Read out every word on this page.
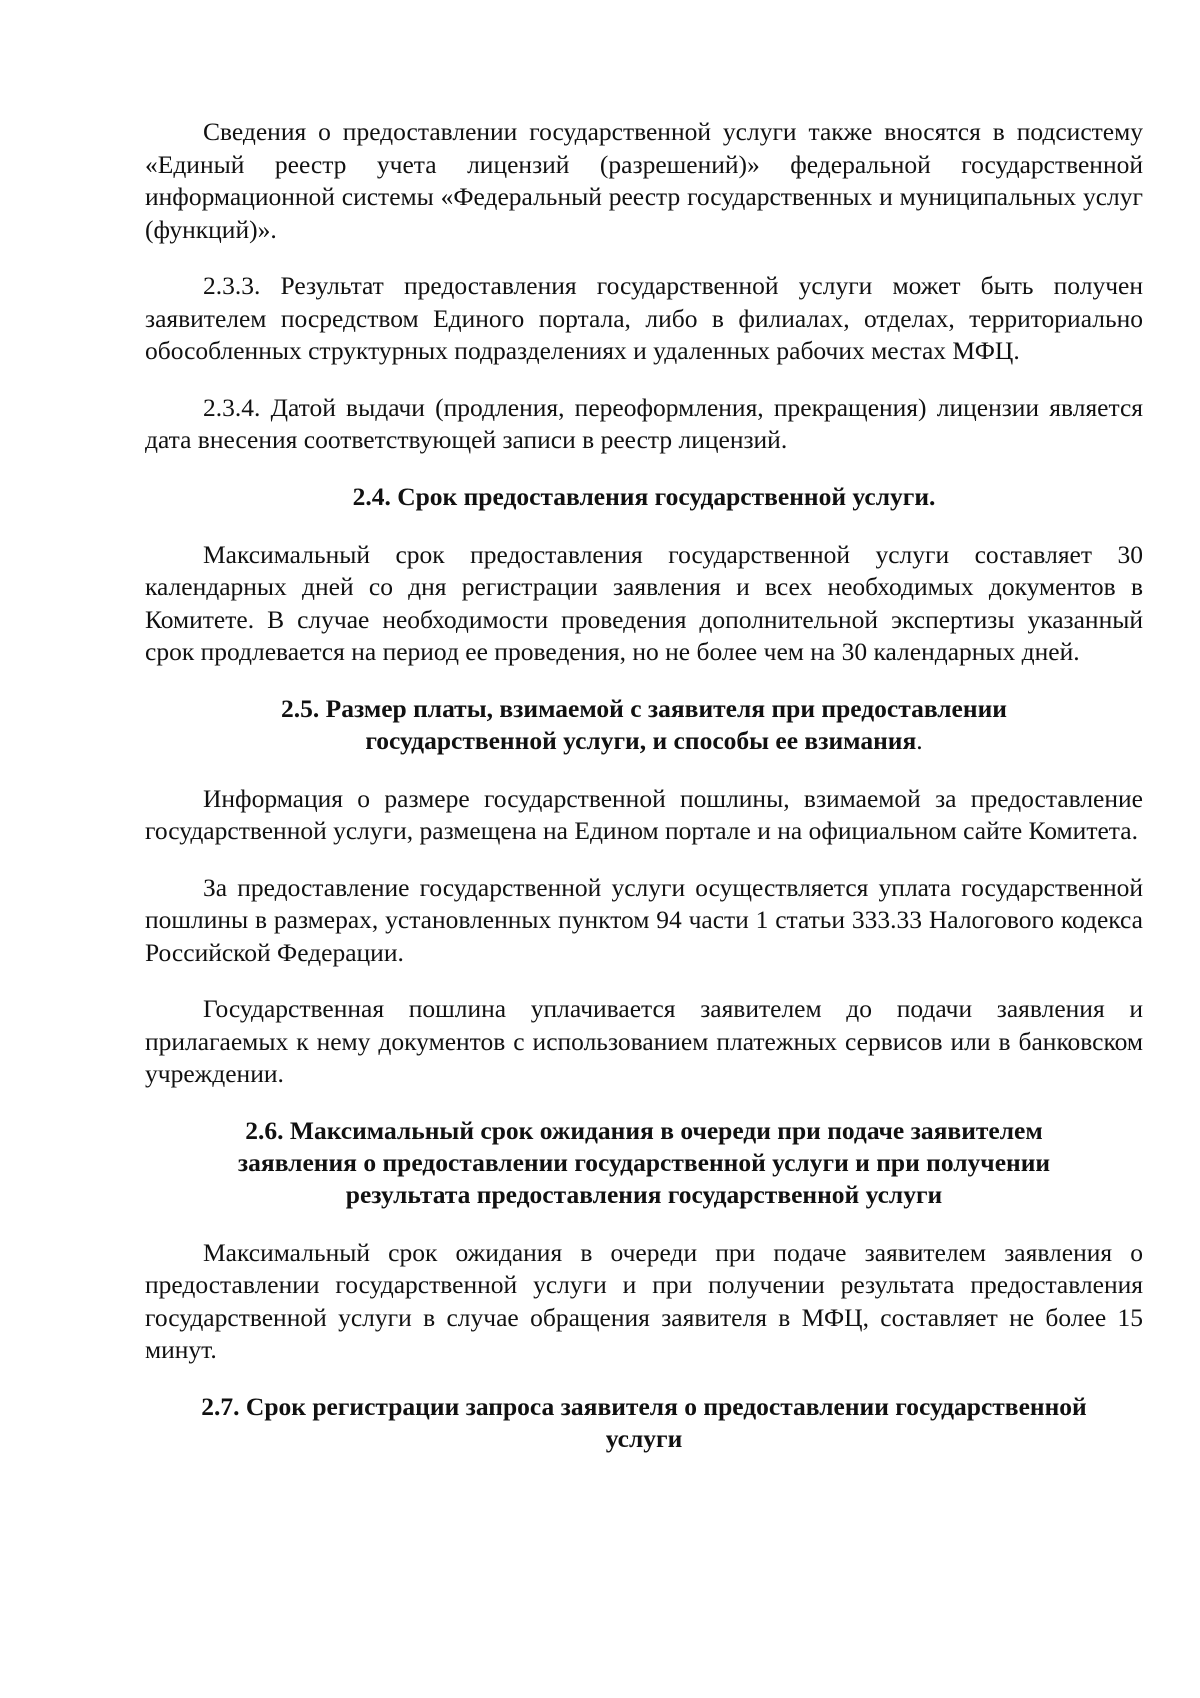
Сведения о предоставлении государственной услуги также вносятся в подсистему «Единый реестр учета лицензий (разрешений)» федеральной государственной информационной системы «Федеральный реестр государственных и муниципальных услуг (функций)».

2.3.3. Результат предоставления государственной услуги может быть получен заявителем посредством Единого портала, либо в филиалах, отделах, территориально обособленных структурных подразделениях и удаленных рабочих местах МФЦ.

2.3.4. Датой выдачи (продления, переоформления, прекращения) лицензии является дата внесения соответствующей записи в реестр лицензий.

2.4. Срок предоставления государственной услуги.

Максимальный срок предоставления государственной услуги составляет 30 календарных дней со дня регистрации заявления и всех необходимых документов в Комитете. В случае необходимости проведения дополнительной экспертизы указанный срок продлевается на период ее проведения, но не более чем на 30 календарных дней.

2.5. Размер платы, взимаемой с заявителя при предоставлении
государственной услуги, и способы ее взимания.

Информация о размере государственной пошлины, взимаемой за предоставление государственной услуги, размещена на Едином портале и на официальном сайте Комитета.

За предоставление государственной услуги осуществляется уплата государственной пошлины в размерах, установленных пунктом 94 части 1 статьи 333.33 Налогового кодекса Российской Федерации.

Государственная пошлина уплачивается заявителем до подачи заявления и прилагаемых к нему документов с использованием платежных сервисов или в банковском учреждении.

2.6. Максимальный срок ожидания в очереди при подаче заявителем
заявления о предоставлении государственной услуги и при получении
результата предоставления государственной услуги

Максимальный срок ожидания в очереди при подаче заявителем заявления о предоставлении государственной услуги и при получении результата предоставления государственной услуги в случае обращения заявителя в МФЦ, составляет не более 15 минут.

2.7. Срок регистрации запроса заявителя о предоставлении государственной
услуги
